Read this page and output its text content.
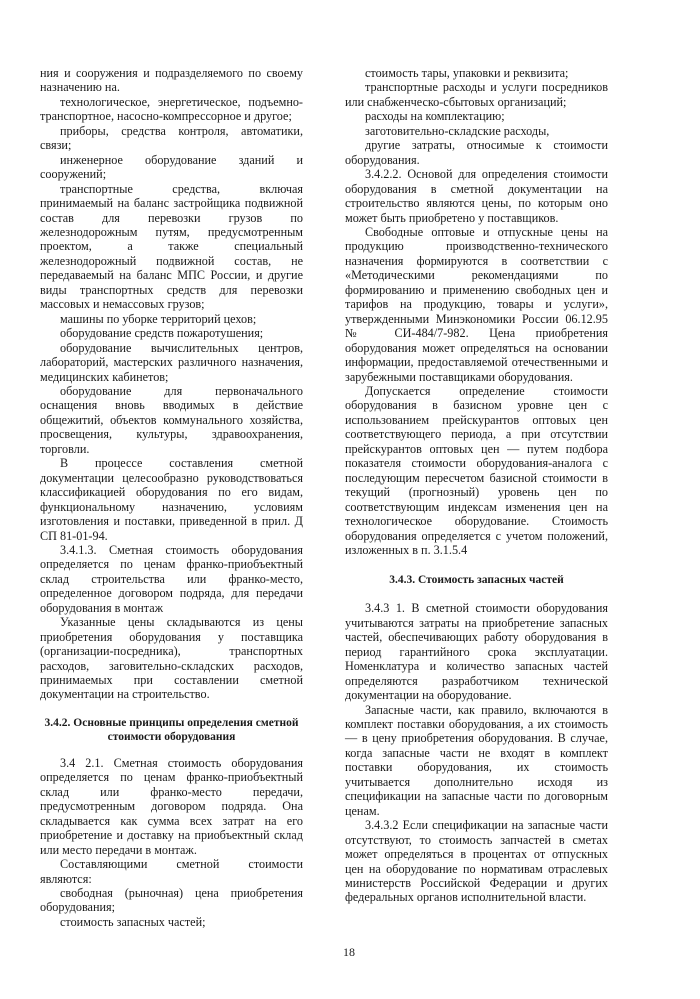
ния и сооружения и подразделяемого по своему назначению на.

технологическое, энергетическое, подъемно-транспортное, насосно-компрессорное и другое;

приборы, средства контроля, автоматики, связи;

инженерное оборудование зданий и сооружений;

транспортные средства, включая принимаемый на баланс застройщика подвижной состав для перевозки грузов по железнодорожным путям, предусмотренным проектом, а также специальный железнодорожный подвижной состав, не передаваемый на баланс МПС России, и другие виды транспортных средств для перевозки массовых и немассовых грузов;

машины по уборке территорий цехов;

оборудование средств пожаротушения;

оборудование вычислительных центров, лабораторий, мастерских различного назначения, медицинских кабинетов;

оборудование для первоначального оснащения вновь вводимых в действие общежитий, объектов коммунального хозяйства, просвещения, культуры, здравоохранения, торговли.

В процессе составления сметной документации целесообразно руководствоваться классификацией оборудования по его видам, функциональному назначению, условиям изготовления и поставки, приведенной в прил. Д СП 81-01-94.

3.4.1.3. Сметная стоимость оборудования определяется по ценам франко-приобъектный склад строительства или франко-место, определенное договором подряда, для передачи оборудования в монтаж

Указанные цены складываются из цены приобретения оборудования у поставщика (организации-посредника), транспортных расходов, заговительно-складских расходов, принимаемых при составлении сметной документации на строительство.

3.4.2. Основные принципы определения сметной стоимости оборудования

3.4 2.1. Сметная стоимость оборудования определяется по ценам франко-приобъектный склад или франко-место передачи, предусмотренным договором подряда. Она складывается как сумма всех затрат на его приобретение и доставку на приобъектный склад или место передачи в монтаж.

Составляющими сметной стоимости являются:

свободная (рыночная) цена приобретения оборудования;

стоимость запасных частей;

стоимость тары, упаковки и реквизита;

транспортные расходы и услуги посредников или снабженческо-сбытовых организаций;

расходы на комплектацию;

заготовительно-складские расходы,

другие затраты, относимые к стоимости оборудования.

3.4.2.2. Основой для определения стоимости оборудования в сметной документации на строительство являются цены, по которым оно может быть приобретено у поставщиков.

Свободные оптовые и отпускные цены на продукцию производственно-технического назначения формируются в соответствии с «Методическими рекомендациями по формированию и применению свободных цен и тарифов на продукцию, товары и услуги», утвержденными Минэкономики России 06.12.95 № СИ-484/7-982. Цена приобретения оборудования может определяться на основании информации, предоставляемой отечественными и зарубежными поставщиками оборудования.

Допускается определение стоимости оборудования в базисном уровне цен с использованием прейскурантов оптовых цен соответствующего периода, а при отсутствии прейскурантов оптовых цен — путем подбора показателя стоимости оборудования-аналога с последующим пересчетом базисной стоимости в текущий (прогнозный) уровень цен по соответствующим индексам изменения цен на технологическое оборудование. Стоимость оборудования определяется с учетом положений, изложенных в п. 3.1.5.4

3.4.3. Стоимость запасных частей

3.4.3 1. В сметной стоимости оборудования учитываются затраты на приобретение запасных частей, обеспечивающих работу оборудования в период гарантийного срока эксплуатации. Номенклатура и количество запасных частей определяются разработчиком технической документации на оборудование.

Запасные части, как правило, включаются в комплект поставки оборудования, а их стоимость — в цену приобретения оборудования. В случае, когда запасные части не входят в комплект поставки оборудования, их стоимость учитывается дополнительно исходя из спецификации на запасные части по договорным ценам.

3.4.3.2 Если спецификации на запасные части отсутствуют, то стоимость запчастей в сметах может определяться в процентах от отпускных цен на оборудование по нормативам отраслевых министерств Российской Федерации и других федеральных органов исполнительной власти.

18
